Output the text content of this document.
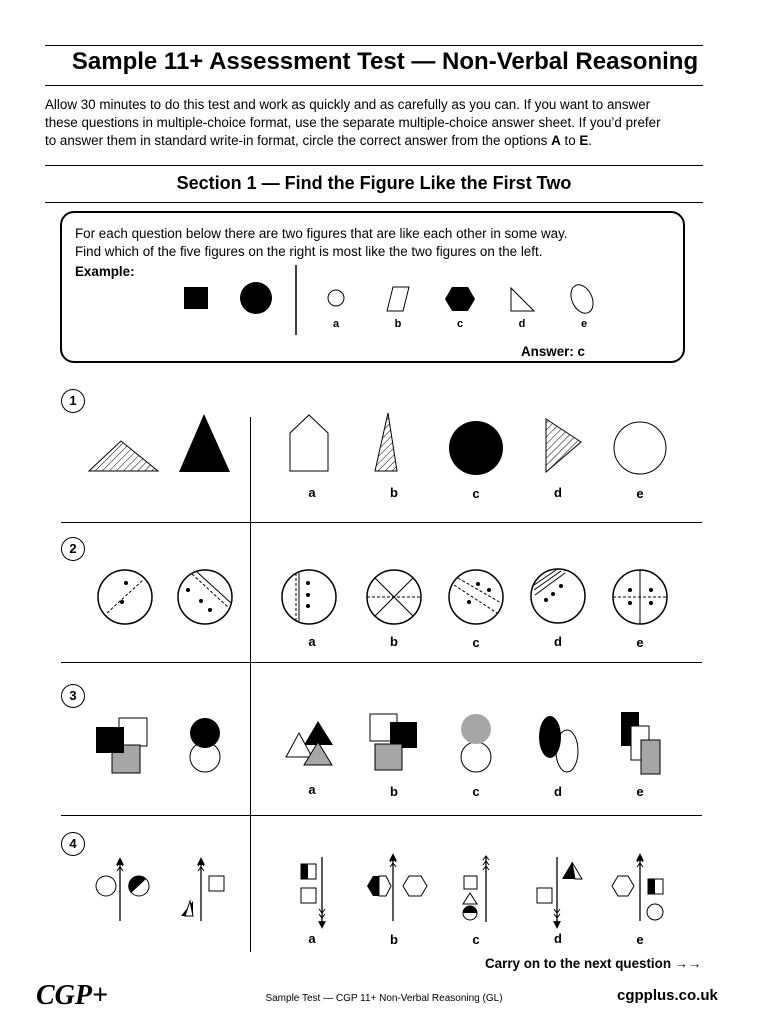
Sample 11+ Assessment Test — Non-Verbal Reasoning
Allow 30 minutes to do this test and work as quickly and as carefully as you can. If you want to answer
these questions in multiple-choice format, use the separate multiple-choice answer sheet. If you’d prefer
to answer them in standard write-in format, circle the correct answer from the options A to E.
Section 1 — Find the Figure Like the First Two
For each question below there are two figures that are like each other in some way.
Find which of the five figures on the right is most like the two figures on the left.
Example:
Answer: c
a	b	c	d	e
1
2
3
4
a	b	c	d	e
a	b	c	d	e
a	b	c	d	e
a	b	c	d	e
Carry on to the next question →→
CGP+	Sample Test — CGP 11+ Non-Verbal Reasoning (GL)	cgpplus.co.uk
